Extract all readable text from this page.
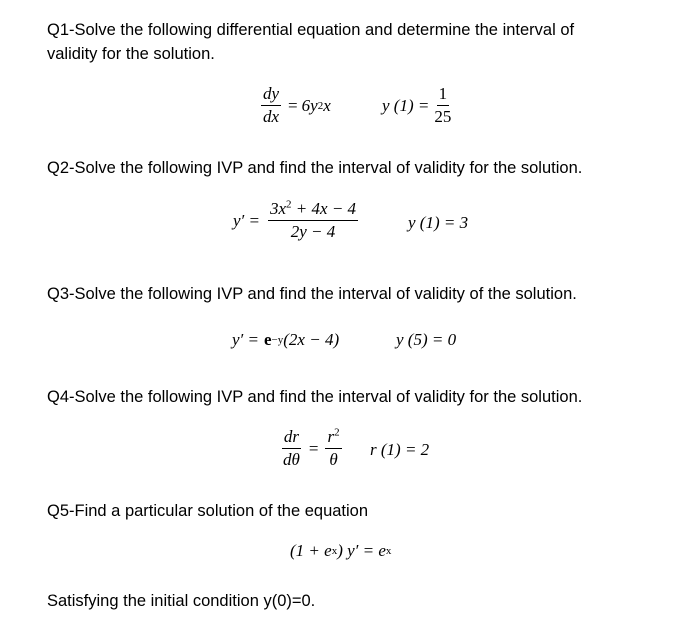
Q1-Solve the following differential equation and determine the interval of
validity for the solution.
$\frac{dy}{dx} = 6y$ 2 x	y $(1) = \frac{1}{25}$
Q2-Solve the following IVP and find the interval of validity for the solution.
$y' = \frac{3x^2 + 4x - 4}{2y - 4}$	y (1) = 3
Q3-Solve the following IVP and find the interval of validity of the solution.
y′ = e −y (2x − 4)	y (5) = 0
Q4-Solve the following IVP and find the interval of validity for the solution.
$\frac{dr}{d\theta} = \frac{r^2}{\theta}$ r (1) = 2
Q5-Find a particular solution of the equation
(1 + e x ) y′ = e x
Satisfying the initial condition y(0)=0.
